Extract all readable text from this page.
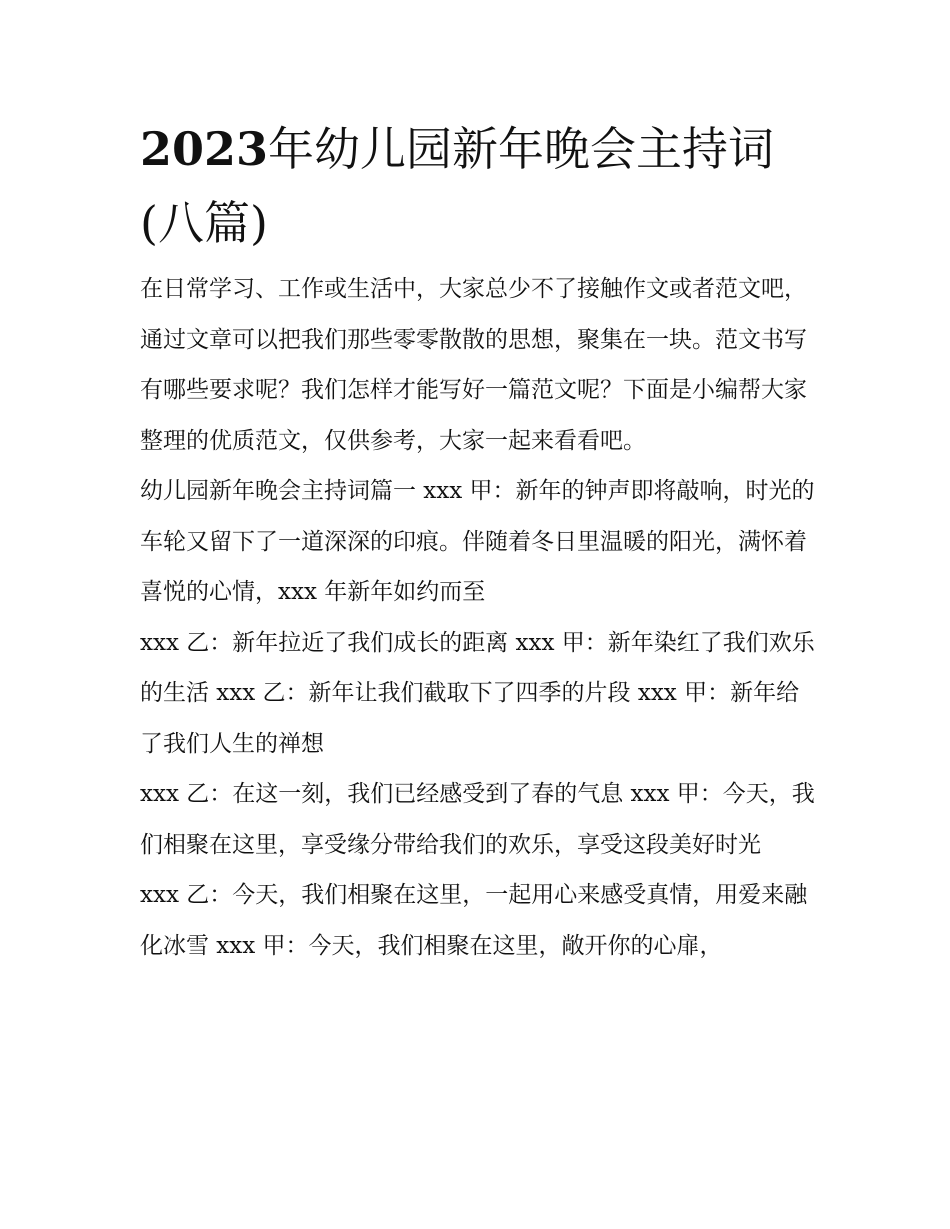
2023年幼儿园新年晚会主持词
(八篇)

在日常学习、工作或生活中，大家总少不了接触作文或者范文吧，通过文章可以把我们那些零零散散的思想，聚集在一块。范文书写有哪些要求呢？我们怎样才能写好一篇范文呢？下面是小编帮大家整理的优质范文，仅供参考，大家一起来看看吧。

幼儿园新年晚会主持词篇一 xxx 甲：新年的钟声即将敲响，时光的车轮又留下了一道深深的印痕。伴随着冬日里温暖的阳光，满怀着喜悦的心情，xxx 年新年如约而至

xxx 乙：新年拉近了我们成长的距离 xxx 甲：新年染红了我们欢乐的生活 xxx 乙：新年让我们截取下了四季的片段 xxx 甲：新年给了我们人生的禅想

xxx 乙：在这一刻，我们已经感受到了春的气息 xxx 甲：今天，我们相聚在这里，享受缘分带给我们的欢乐，享受这段美好时光

xxx 乙：今天，我们相聚在这里，一起用心来感受真情，用爱来融化冰雪 xxx 甲：今天，我们相聚在这里，敞开你的心扉，
